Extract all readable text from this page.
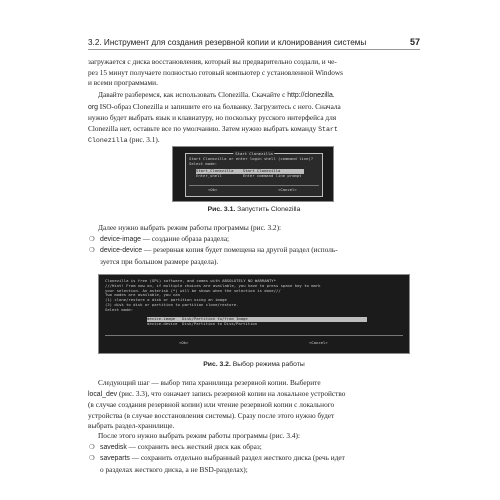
3.2. Инструмент для создания резервной копии и клонирования системы	57

загружается с диска восстановления, который вы предварительно создали, и че-
рез 15 минут получаете полностью готовый компьютер с установленной Windows
и всеми программами.

Давайте разберемся, как использовать Clonezilla. Скачайте с http://clonezilla.
org ISO-образ Clonezilla и запишите его на болванку. Загрузитесь с него. Сначала
нужно будет выбрать язык и клавиатуру, но поскольку русского интерфейса для
Clonezilla нет, оставьте все по умолчанию. Затем нужно выбрать команду Start
Clonezilla (рис. 3.1).

Start Clonezilla
Start Clonezilla or enter login shell (command line)?
Select mode:
Start_Clonezilla Start Clonezilla
Enter_shell	Enter command line prompt
<Ok>	<Cancel>
Рис. 3.1. Запустить Clonezilla

Далее нужно выбрать режим работы программы (рис. 3.2):

❍ device-image — создание образа раздела;
❍ device-device — резервная копия будет помещена на другой раздел (исполь-
зуется при большом размере раздела).
Clonezilla is free (GPL) software, and comes with ABSOLUTELY NO WARRANTY*
///Hint! From now on, if multiple choices are available, you have to press space key to mark
your selection. An asterisk (*) will be shown when the selection is done///
Two modes are available, you can
(1) clone/restore a disk or partition using an image
(2) disk to disk or partition to partition clone/restore.
Select mode:
device-image Disk/Partition to/from Image
device-device Disk/Partition to Disk/Partition
<Ok>	<Cancel>
Рис. 3.2. Выбор режима работы

Следующий шаг — выбор типа хранилища резервной копии. Выберите
local_dev (рис. 3.3), что означает запись резервной копии на локальное устройство
(в случае создания резервной копии) или чтение резервной копии с локального
устройства (в случае восстановления системы). Сразу после этого нужно будет
выбрать раздел-хранилище.

После этого нужно выбрать режим работы программы (рис. 3.4):

❍ savedisk — сохранить весь жесткий диск как образ;
❍ saveparts — сохранить отдельно выбранный раздел жесткого диска (речь идет
о разделах жесткого диска, а не BSD-разделах);
